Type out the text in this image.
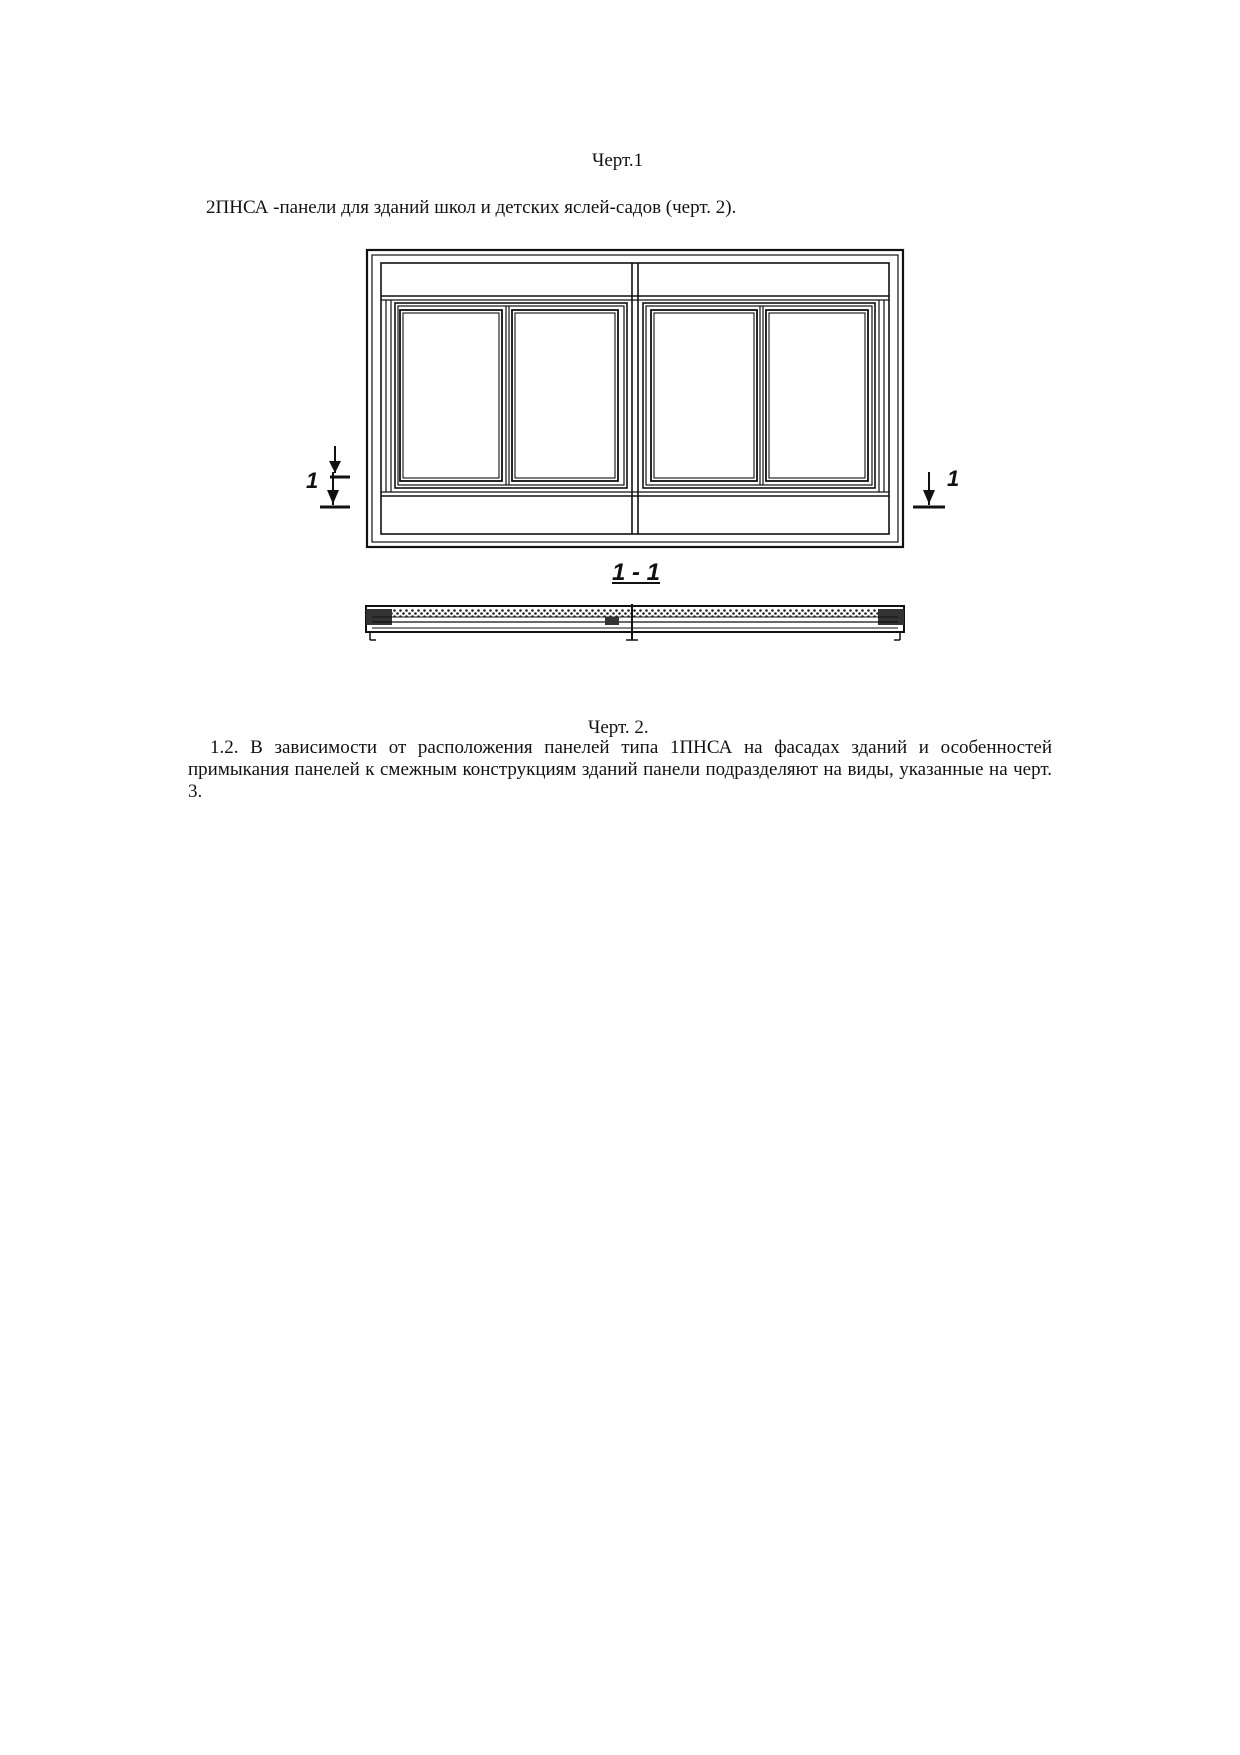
Черт.1
2ПНСА -панели для зданий школ и детских яслей-садов (черт. 2).
1	1
1 - 1
Черт. 2.
1.2. В зависимости от расположения панелей типа 1ПНСА на фасадах зданий и особенностей примыкания панелей к смежным конструкциям зданий панели подразделяют на виды, указанные на черт. 3.
